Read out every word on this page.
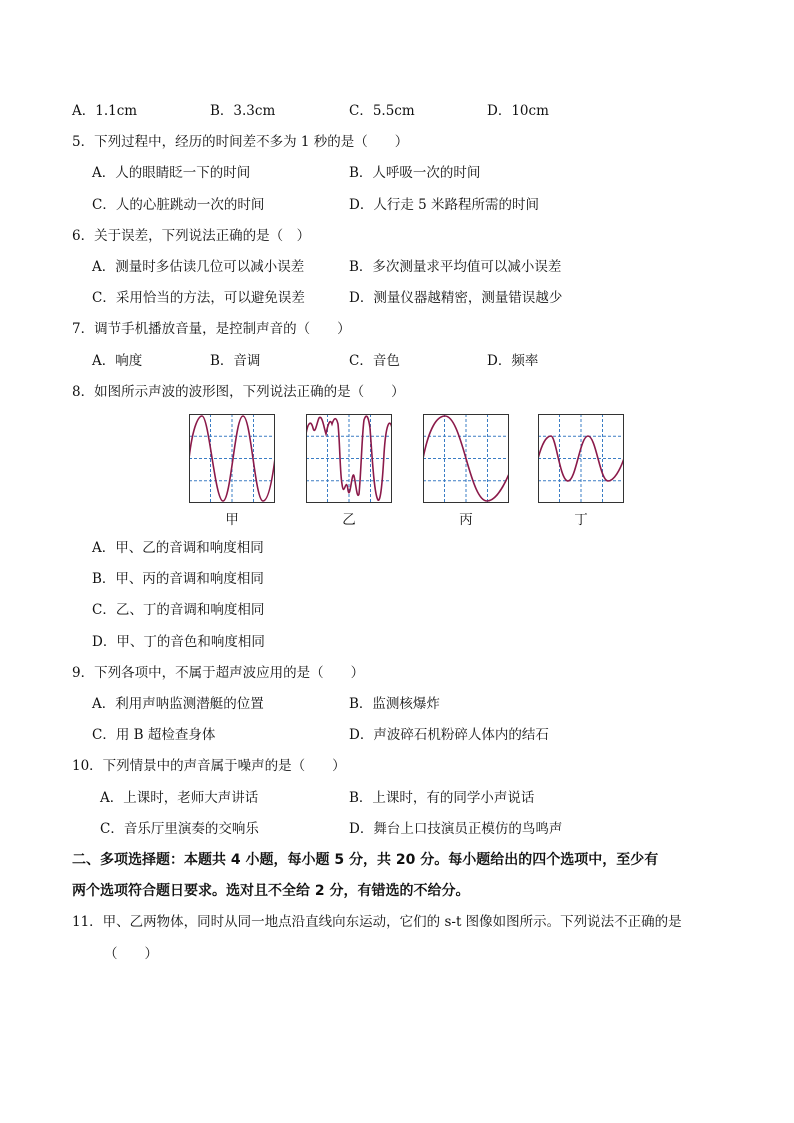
A．1.1cm	B．3.3cm	C．5.5cm	D．10cm
5．下列过程中，经历的时间差不多为 1 秒的是（　　）
A．人的眼睛眨一下的时间	B．人呼吸一次的时间
C．人的心脏跳动一次的时间	D．人行走 5 米路程所需的时间
6．关于误差，下列说法正确的是（　）
A．测量时多估读几位可以减小误差	B．多次测量求平均值可以减小误差
C．采用恰当的方法，可以避免误差	D．测量仪器越精密，测量错误越少
7．调节手机播放音量，是控制声音的（　　）
A．响度	B．音调	C．音色	D．频率
8．如图所示声波的波形图，下列说法正确的是（　　）
甲	乙	丙	丁
A．甲、乙的音调和响度相同
B．甲、丙的音调和响度相同
C．乙、丁的音调和响度相同
D．甲、丁的音色和响度相同
9．下列各项中，不属于超声波应用的是（　　）
A．利用声呐监测潜艇的位置	B．监测核爆炸
C．用 B 超检查身体	D．声波碎石机粉碎人体内的结石
10．下列情景中的声音属于噪声的是（　　）
A．上课时，老师大声讲话	B．上课时，有的同学小声说话
C．音乐厅里演奏的交响乐	D．舞台上口技演员正模仿的鸟鸣声
二、多项选择题：本题共 4 小题，每小题 5 分，共 20 分。每小题给出的四个选项中，至少有
两个选项符合题日要求。选对且不全给 2 分，有错选的不给分。
11．甲、乙两物体，同时从同一地点沿直线向东运动，它们的 s-t 图像如图所示。下列说法不正确的是
（　　）
